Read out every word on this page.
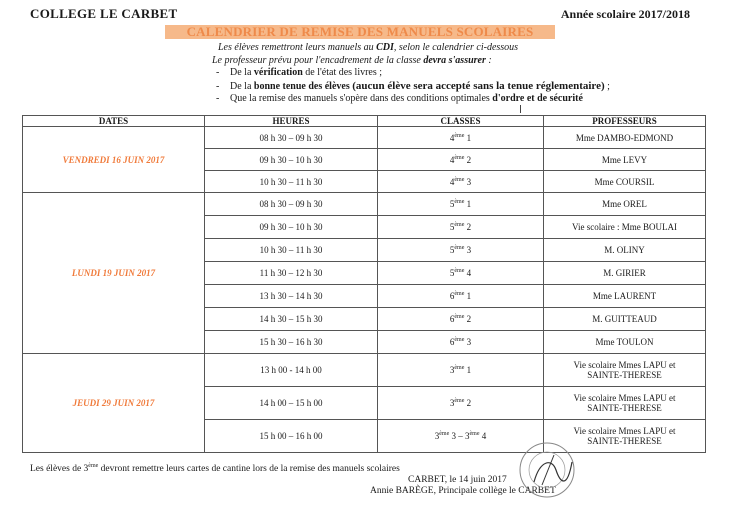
COLLEGE LE CARBET	Année scolaire 2017/2018
CALENDRIER DE REMISE DES MANUELS SCOLAIRES
Les élèves remettront leurs manuels au CDI, selon le calendrier ci-dessous
Le professeur prévu pour l'encadrement de la classe devra s'assurer :
- De la vérification de l'état des livres ;
- De la bonne tenue des élèves (aucun élève sera accepté sans la tenue réglementaire) ;
- Que la remise des manuels s'opère dans des conditions optimales d'ordre et de sécurité
DATES	HEURES	CLASSES	PROFESSEURS
VENDREDI 16 JUIN 2017	08 h 30 – 09 h 30	4ème 1	Mme DAMBO-EDMOND
	09 h 30 – 10 h 30	4ème 2	Mme LEVY
	10 h 30 – 11 h 30	4ème 3	Mme COURSIL
LUNDI 19 JUIN 2017	08 h 30 – 09 h 30	5ème 1	Mme OREL
	09 h 30 – 10 h 30	5ème 2	Vie scolaire : Mme BOULAI
	10 h 30 – 11 h 30	5ème 3	M. OLINY
	11 h 30 – 12 h 30	5ème 4	M. GIRIER
	13 h 30 – 14 h 30	6ème 1	Mme LAURENT
	14 h 30 – 15 h 30	6ème 2	M. GUITTEAUD
	15 h 30 – 16 h 30	6ème 3	Mme TOULON
JEUDI 29 JUIN 2017	13 h 00 - 14 h 00	3ème 1	Vie scolaire Mmes LAPU et
SAINTE-THERESE
	14 h 00 – 15 h 00	3ème 2	Vie scolaire Mmes LAPU et
SAINTE-THERESE
	15 h 00 – 16 h 00	3ème 3 – 3ème 4	Vie scolaire Mmes LAPU et
SAINTE-THERESE
Les élèves de 3ème devront remettre leurs cartes de cantine lors de la remise des manuels scolaires
CARBET, le 14 juin 2017
Annie BARÈGE, Principale collège le CARBET
